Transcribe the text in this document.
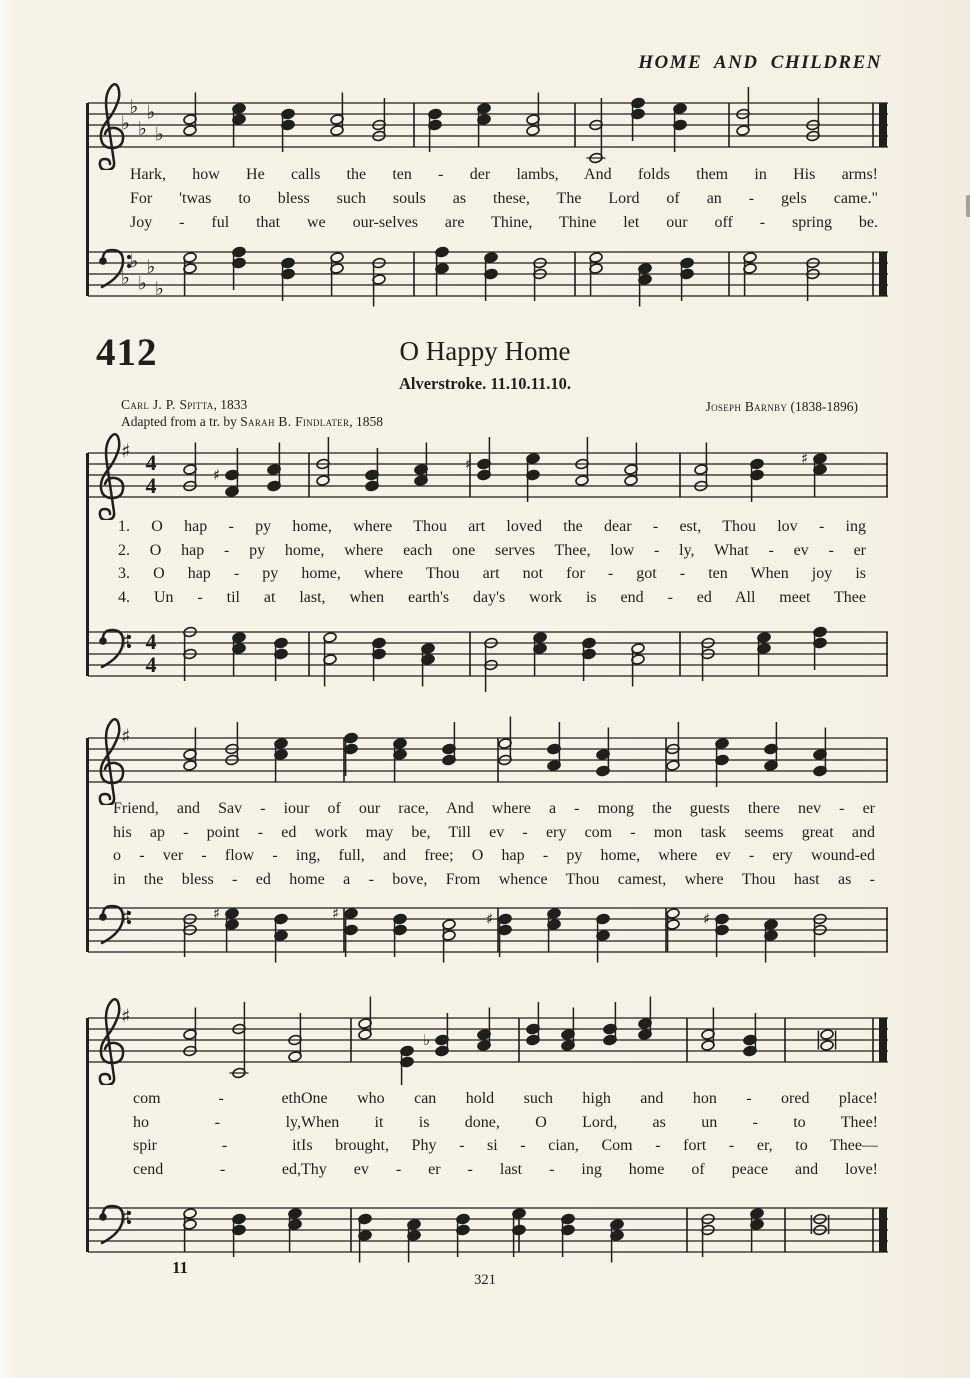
HOME AND CHILDREN
♭
♭
♭
♭
♭
Hark, how He calls the ten - der lambs, And folds them in His arms!
For 'twas to bless such souls as these, The Lord of an - gels came."
Joy - ful that we our-selves are Thine, Thine let our off - spring be.
♭
♭
♭
♭
♭
412	O Happy Home
Alverstroke. 11.10.11.10.
Carl J. P. Spitta, 1833
Adapted from a tr. by Sarah B. Findlater, 1858
Joseph Barnby (1838-1896)
♯ 4
4	♯
♯	♯
1. O hap - py home, where Thou art loved the dear - est, Thou lov - ing
2. O hap - py home, where each one serves Thee, low - ly, What - ev - er
3. O hap - py home, where Thou art not for - got - ten When joy is
4. Un - til at last, when earth's day's work is end - ed All meet Thee
♯ 4
4
♯
Friend, and Sav - iour of our race, And where a - mong the guests there nev - er
his ap - point - ed work may be, Till ev - ery com - mon task seems great and
o - ver - flow - ing, full, and free; O hap - py home, where ev - ery wound-ed
in the bless - ed home a - bove, From whence Thou camest, where Thou hast as -
♯	♯	♯	♯	♯
♯
♭
com - eth One who can hold such high and hon - ored place!
ho - ly, When it is done, O Lord, as un - to Thee!
spir - it Is brought, Phy - si - cian, Com - fort - er, to Thee—
cend - ed, Thy ev - er - last - ing home of peace and love!
♯
11
321
